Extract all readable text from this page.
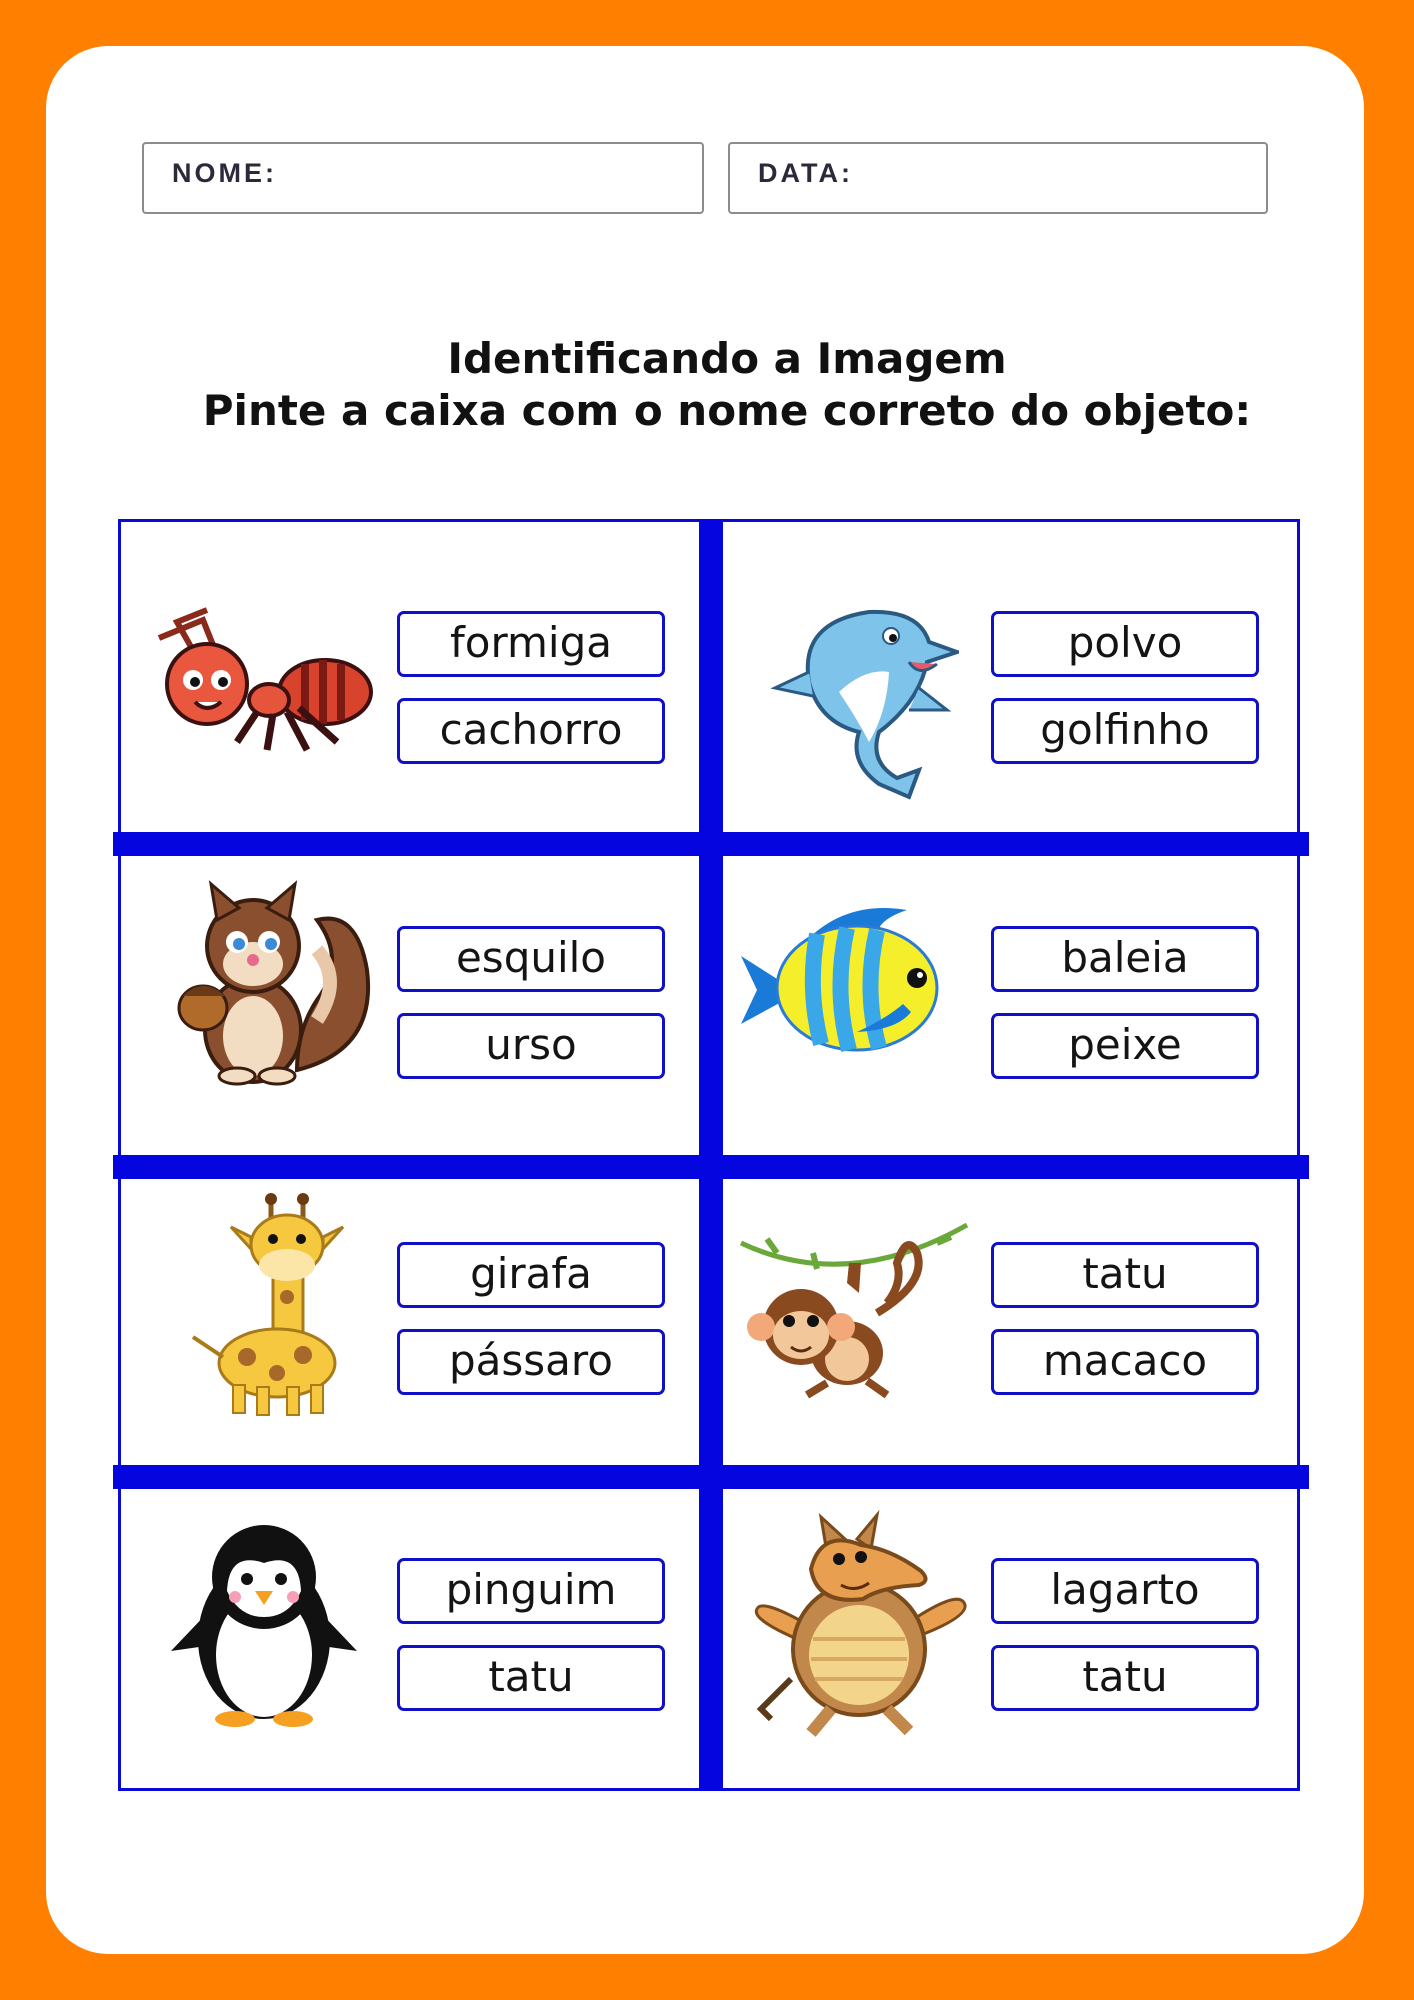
NOME:	DATA:
Identificando a Imagem
Pinte a caixa com o nome correto do objeto:
formiga
cachorro
polvo
golfinho
esquilo
urso
baleia
peixe
girafa
pássaro
tatu
macaco
pinguim
tatu
lagarto
tatu
